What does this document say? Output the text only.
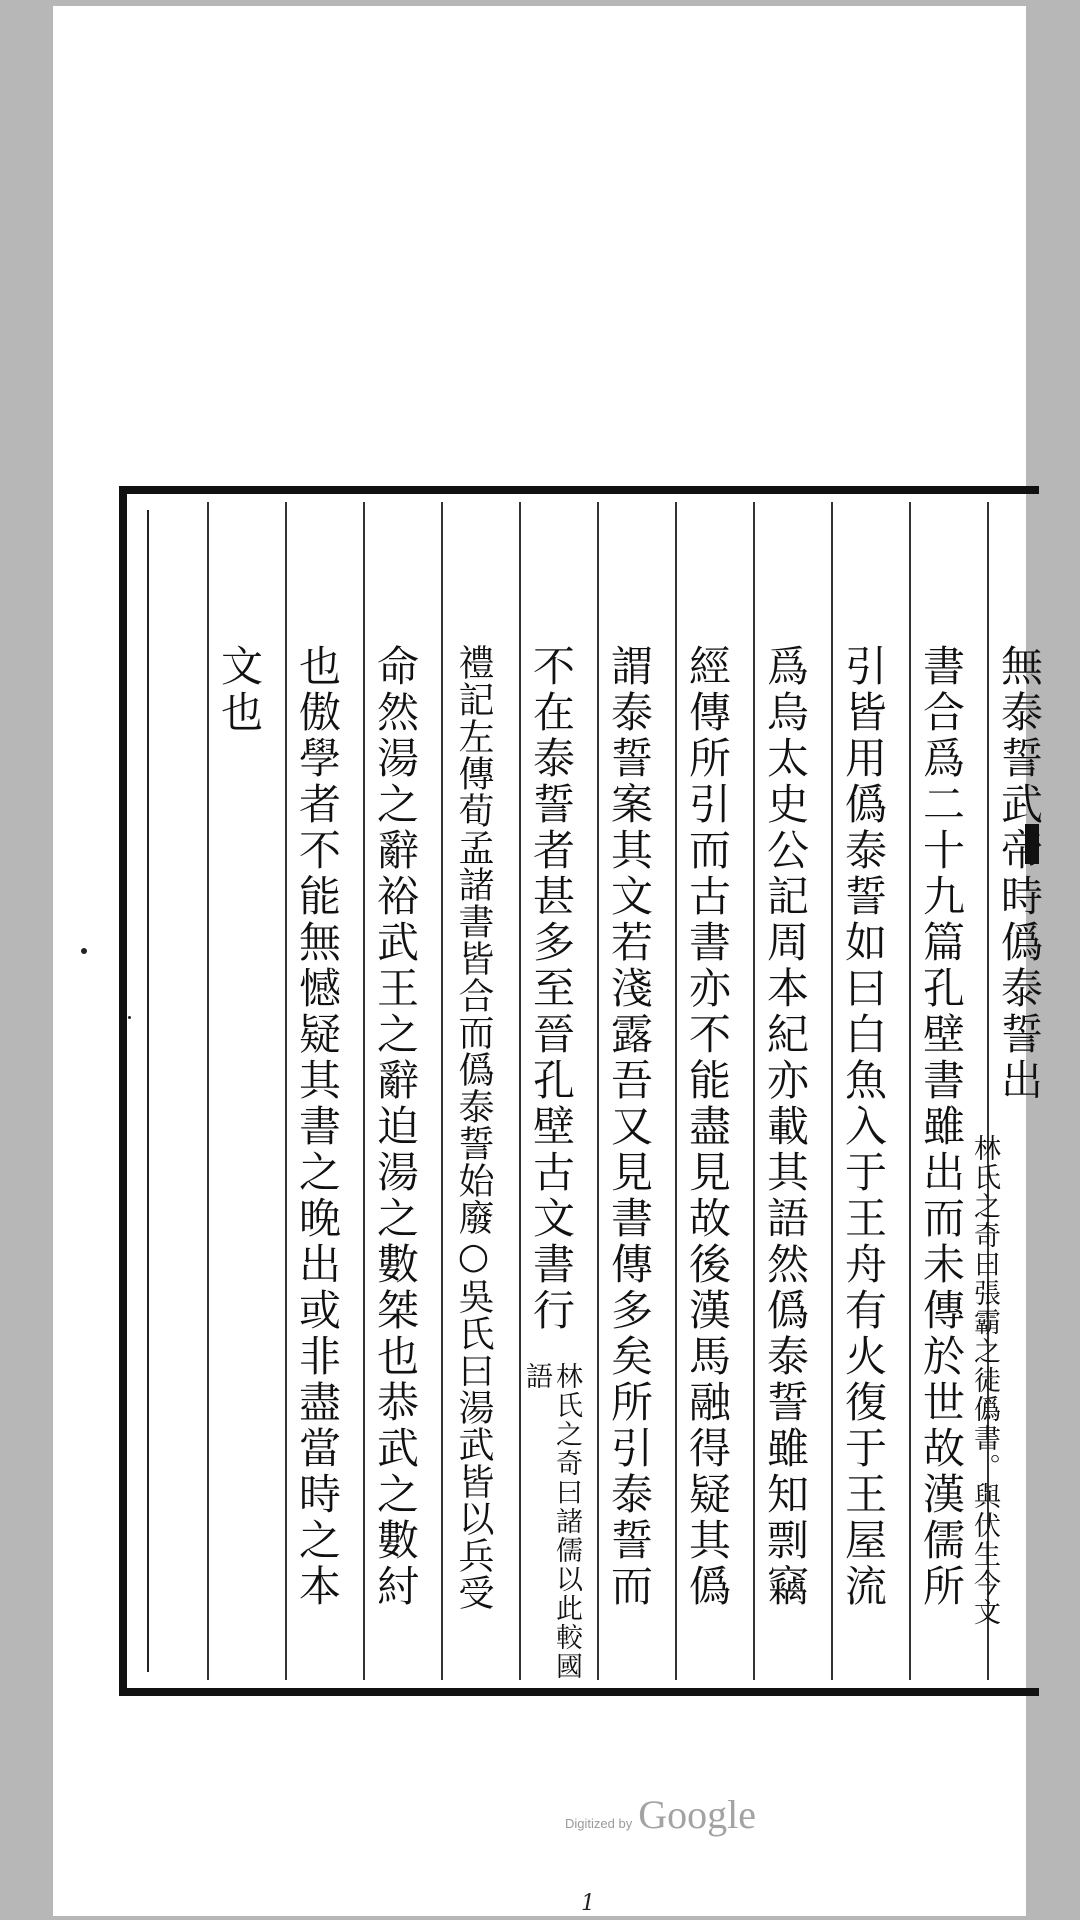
無泰誓武帝時僞泰誓出
林氏之奇曰張霸之徒僞書。與伏生今文
書合爲二十九篇孔壁書雖出而未傳於世故漢儒所
引皆用僞泰誓如曰白魚入于王舟有火復于王屋流
爲烏太史公記周本紀亦載其語然僞泰誓雖知剽竊
經傳所引而古書亦不能盡見故後漢馬融得疑其僞
謂泰誓案其文若淺露吾又見書傳多矣所引泰誓而
不在泰誓者甚多至晉孔壁古文書行
林氏之奇曰諸儒以此較國語
禮記左傳荀孟諸書皆合而僞泰誓始廢○吳氏曰湯武皆以兵受
命然湯之辭裕武王之辭迫湯之數桀也恭武之數紂
也傲學者不能無憾疑其書之晚出或非盡當時之本
文也
Digitized by Google
1
